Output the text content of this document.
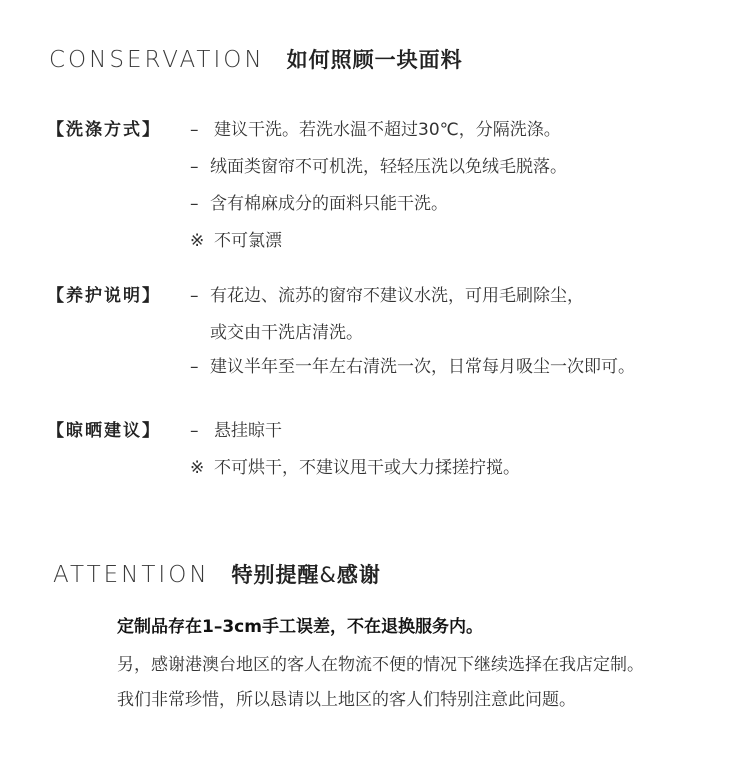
CONSERVATION 如何照顾一块面料
【洗涤方式】 – 建议干洗。若洗水温不超过30℃，分隔洗涤。
– 绒面类窗帘不可机洗，轻轻压洗以免绒毛脱落。
– 含有棉麻成分的面料只能干洗。
※ 不可氯漂
【养护说明】 – 有花边、流苏的窗帘不建议水洗，可用毛刷除尘，
或交由干洗店清洗。
– 建议半年至一年左右清洗一次，日常每月吸尘一次即可。
【晾晒建议】 – 悬挂晾干
※ 不可烘干，不建议甩干或大力揉搓拧搅。
ATTENTION 特别提醒&感谢
定制品存在1–3cm手工误差，不在退换服务内。
另，感谢港澳台地区的客人在物流不便的情况下继续选择在我店定制。
我们非常珍惜，所以恳请以上地区的客人们特别注意此问题。
